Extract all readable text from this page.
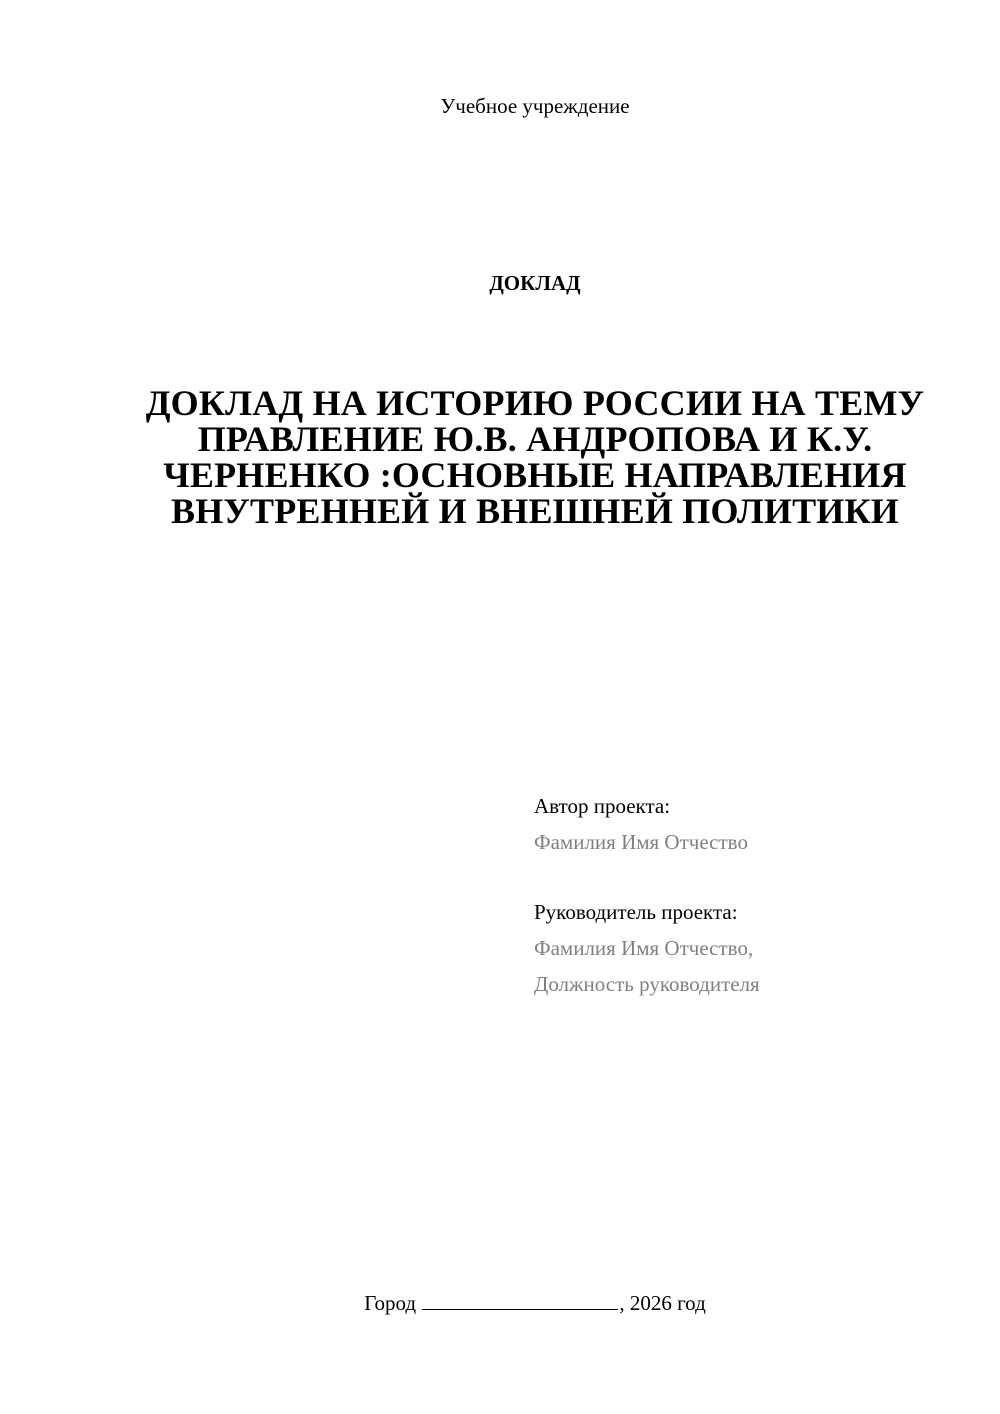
Учебное учреждение
ДОКЛАД
ДОКЛАД НА ИСТОРИЮ РОССИИ НА ТЕМУ ПРАВЛЕНИЕ Ю.В. АНДРОПОВА И К.У. ЧЕРНЕНКО :ОСНОВНЫЕ НАПРАВЛЕНИЯ ВНУТРЕННЕЙ И ВНЕШНЕЙ ПОЛИТИКИ
Автор проекта:
Фамилия Имя Отчество
Руководитель проекта:
Фамилия Имя Отчество,
Должность руководителя
Город	, 2026 год
